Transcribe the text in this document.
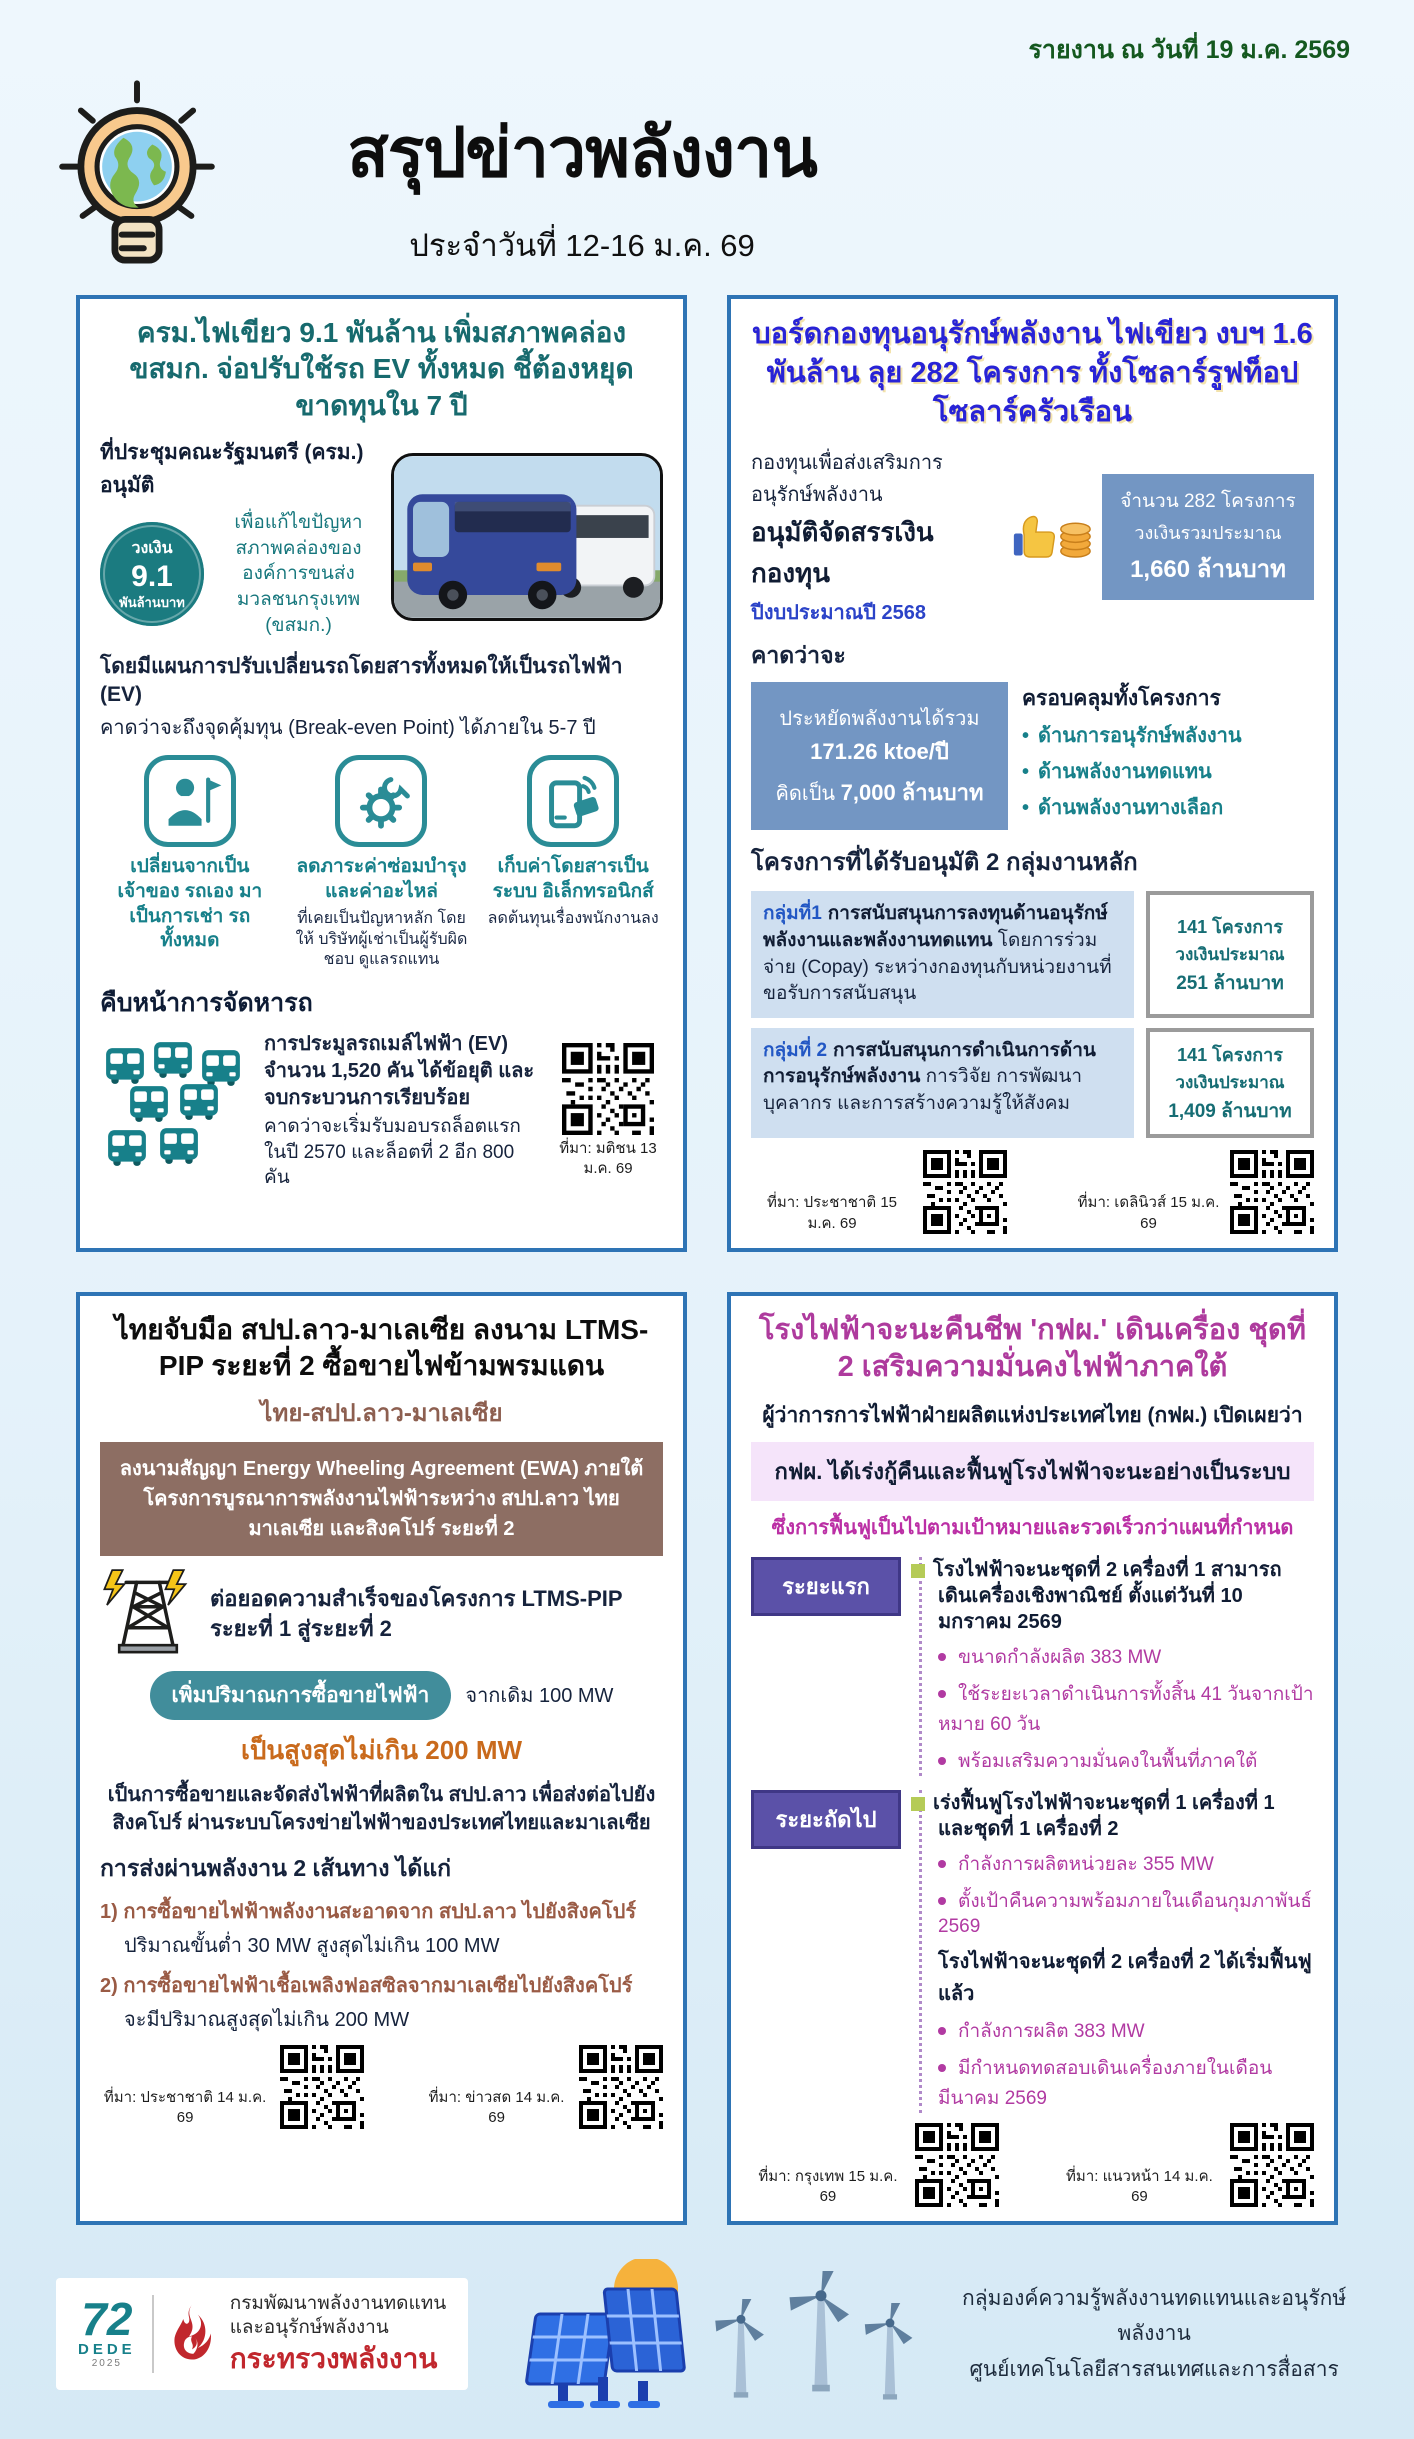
รายงาน ณ วันที่ 19 ม.ค. 2569
สรุปข่าวพลังงาน
ประจำวันที่ 12-16 ม.ค. 69
ครม.ไฟเขียว 9.1 พันล้าน เพิ่มสภาพคล่อง ขสมก. จ่อปรับใช้รถ EV ทั้งหมด ชี้ต้องหยุดขาดทุนใน 7 ปี
ที่ประชุมคณะรัฐมนตรี (ครม.) อนุมัติ
วงเงิน
9.1
พันล้านบาท
เพื่อแก้ไขปัญหาสภาพคล่องของ องค์การขนส่งมวลชนกรุงเทพ (ขสมก.)
โดยมีแผนการปรับเปลี่ยนรถโดยสารทั้งหมดให้เป็นรถไฟฟ้า (EV)
คาดว่าจะถึงจุดคุ้มทุน (Break-even Point) ได้ภายใน 5-7 ปี
เปลี่ยนจากเป็นเจ้าของ รถเอง มาเป็นการเช่า รถทั้งหมด
ลดภาระค่าซ่อมบำรุง และค่าอะไหล่
ที่เคยเป็นปัญหาหลัก โดยให้ บริษัทผู้เช่าเป็นผู้รับผิดชอบ ดูแลรถแทน
เก็บค่าโดยสารเป็นระบบ อิเล็กทรอนิกส์
ลดต้นทุนเรื่องพนักงานลง
คืบหน้าการจัดหารถ
การประมูลรถเมล์ไฟฟ้า (EV) จำนวน 1,520 คัน ได้ข้อยุติ และจบกระบวนการเรียบร้อย
คาดว่าจะเริ่มรับมอบรถล็อตแรกในปี 2570 และล็อตที่ 2 อีก 800 คัน
ที่มา: มติชน 13 ม.ค. 69
บอร์ดกองทุนอนุรักษ์พลังงาน ไฟเขียว งบฯ 1.6 พันล้าน ลุย 282 โครงการ ทั้งโซลาร์รูฟท็อป โซลาร์ครัวเรือน
กองทุนเพื่อส่งเสริมการอนุรักษ์พลังงาน
อนุมัติจัดสรรเงินกองทุน
ปีงบประมาณปี 2568
จำนวน 282 โครงการ
วงเงินรวมประมาณ
1,660 ล้านบาท
คาดว่าจะ
ประหยัดพลังงานได้รวม 171.26 ktoe/ปี
คิดเป็น 7,000 ล้านบาท
ครอบคลุมทั้งโครงการ
• ด้านการอนุรักษ์พลังงาน
• ด้านพลังงานทดแทน
• ด้านพลังงานทางเลือก
โครงการที่ได้รับอนุมัติ 2 กลุ่มงานหลัก
กลุ่มที่1 การสนับสนุนการลงทุนด้านอนุรักษ์พลังงานและพลังงานทดแทน โดยการร่วมจ่าย (Copay) ระหว่างกองทุนกับหน่วยงานที่ขอรับการสนับสนุน
141 โครงการ
วงเงินประมาณ
251 ล้านบาท
กลุ่มที่ 2 การสนับสนุนการดำเนินการด้านการอนุรักษ์พลังงาน การวิจัย การพัฒนาบุคลากร และการสร้างความรู้ให้สังคม
141 โครงการ
วงเงินประมาณ
1,409 ล้านบาท
ที่มา: ประชาชาติ 15 ม.ค. 69
ที่มา: เดลินิวส์ 15 ม.ค. 69
ไทยจับมือ สปป.ลาว-มาเลเซีย ลงนาม LTMS-PIP ระยะที่ 2 ซื้อขายไฟข้ามพรมแดน
ไทย-สปป.ลาว-มาเลเซีย
ลงนามสัญญา Energy Wheeling Agreement (EWA) ภายใต้โครงการบูรณาการพลังงานไฟฟ้าระหว่าง สปป.ลาว ไทย มาเลเซีย และสิงคโปร์ ระยะที่ 2
ต่อยอดความสำเร็จของโครงการ LTMS-PIP ระยะที่ 1 สู่ระยะที่ 2
เพิ่มปริมาณการซื้อขายไฟฟ้า	จากเดิม 100 MW
เป็นสูงสุดไม่เกิน 200 MW
เป็นการซื้อขายและจัดส่งไฟฟ้าที่ผลิตใน สปป.ลาว เพื่อส่งต่อไปยัง สิงคโปร์ ผ่านระบบโครงข่ายไฟฟ้าของประเทศไทยและมาเลเซีย
การส่งผ่านพลังงาน 2 เส้นทาง ได้แก่
1) การซื้อขายไฟฟ้าพลังงานสะอาดจาก สปป.ลาว ไปยังสิงคโปร์
ปริมาณขั้นต่ำ 30 MW สูงสุดไม่เกิน 100 MW
2) การซื้อขายไฟฟ้าเชื้อเพลิงฟอสซิลจากมาเลเซียไปยังสิงคโปร์
จะมีปริมาณสูงสุดไม่เกิน 200 MW
ที่มา: ประชาชาติ 14 ม.ค. 69
ที่มา: ข่าวสด 14 ม.ค. 69
โรงไฟฟ้าจะนะคืนชีพ 'กฟผ.' เดินเครื่อง ชุดที่ 2 เสริมความมั่นคงไฟฟ้าภาคใต้
ผู้ว่าการการไฟฟ้าฝ่ายผลิตแห่งประเทศไทย (กฟผ.) เปิดเผยว่า
กฟผ. ได้เร่งกู้คืนและฟื้นฟูโรงไฟฟ้าจะนะอย่างเป็นระบบ
ซึ่งการฟื้นฟูเป็นไปตามเป้าหมายและรวดเร็วกว่าแผนที่กำหนด
ระยะแรก
โรงไฟฟ้าจะนะชุดที่ 2 เครื่องที่ 1 สามารถเดินเครื่องเชิงพาณิชย์ ตั้งแต่วันที่ 10 มกราคม 2569
ขนาดกำลังผลิต 383 MW
ใช้ระยะเวลาดำเนินการทั้งสิ้น 41 วันจากเป้าหมาย 60 วัน
พร้อมเสริมความมั่นคงในพื้นที่ภาคใต้
ระยะถัดไป
เร่งฟื้นฟูโรงไฟฟ้าจะนะชุดที่ 1 เครื่องที่ 1 และชุดที่ 1 เครื่องที่ 2
กำลังการผลิตหน่วยละ 355 MW
ตั้งเป้าคืนความพร้อมภายในเดือนกุมภาพันธ์ 2569
โรงไฟฟ้าจะนะชุดที่ 2 เครื่องที่ 2 ได้เริ่มฟื้นฟูแล้ว
กำลังการผลิต 383 MW
มีกำหนดทดสอบเดินเครื่องภายในเดือนมีนาคม 2569
ที่มา: กรุงเทพ 15 ม.ค. 69
ที่มา: แนวหน้า 14 ม.ค. 69
72
DEDE
2025
กรมพัฒนาพลังงานทดแทน
และอนุรักษ์พลังงาน
กระทรวงพลังงาน
กลุ่มองค์ความรู้พลังงานทดแทนและอนุรักษ์พลังงาน
ศูนย์เทคโนโลยีสารสนเทศและการสื่อสาร
